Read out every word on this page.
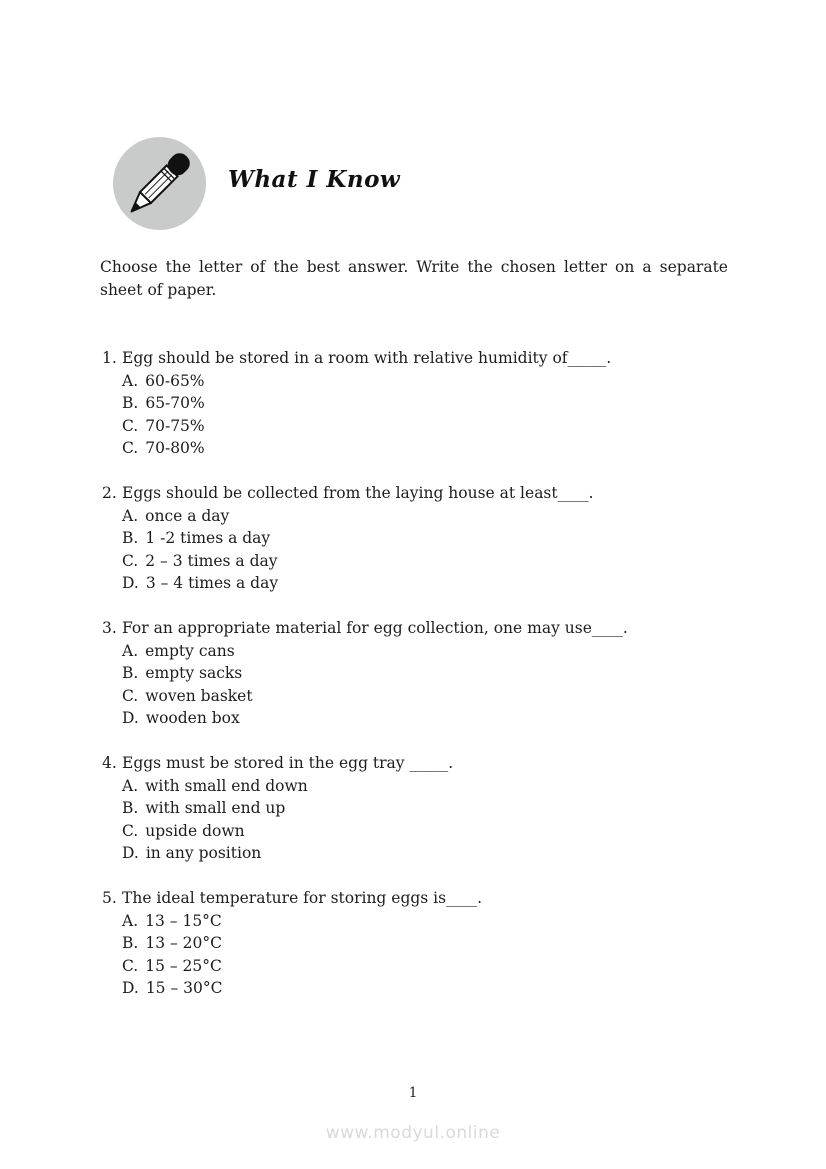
What I Know

Choose the letter of the best answer. Write the chosen letter on a separate sheet of paper.

1. Egg should be stored in a room with relative humidity of_____.
A. 60-65%
B. 65-70%
C. 70-75%
C. 70-80%
2. Eggs should be collected from the laying house at least____.
A. once a day
B. 1 -2 times a day
C. 2 – 3 times a day
D. 3 – 4 times a day
3. For an appropriate material for egg collection, one may use____.
A. empty cans
B. empty sacks
C. woven basket
D. wooden box
4. Eggs must be stored in the egg tray _____.
A. with small end down
B. with small end up
C. upside down
D. in any position
5. The ideal temperature for storing eggs is____.
A. 13 – 15°C
B. 13 – 20°C
C. 15 – 25°C
D. 15 – 30°C
1
www.modyul.online
